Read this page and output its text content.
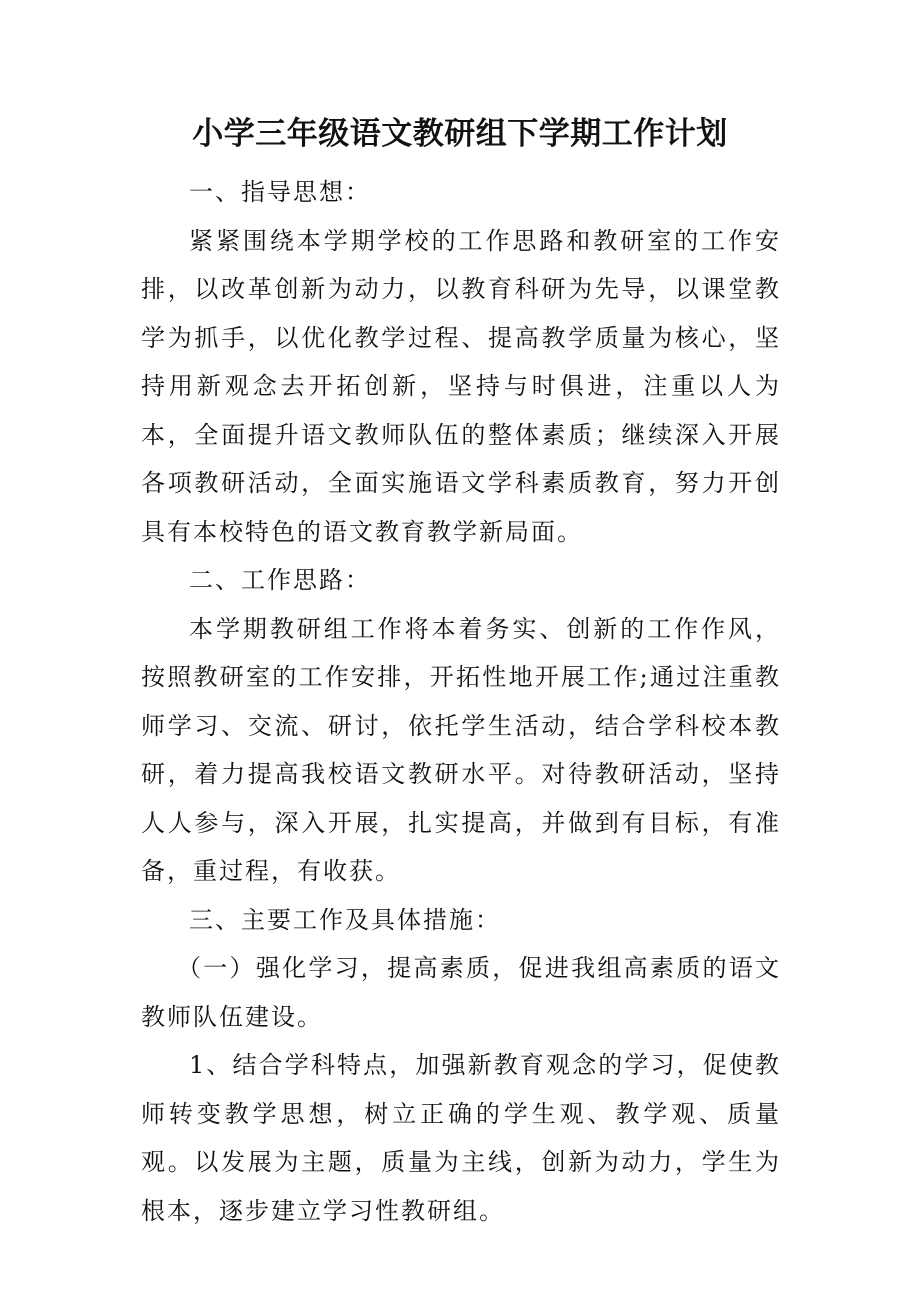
小学三年级语文教研组下学期工作计划

一、指导思想：

紧紧围绕本学期学校的工作思路和教研室的工作安排，以改革创新为动力，以教育科研为先导，以课堂教学为抓手，以优化教学过程、提高教学质量为核心，坚持用新观念去开拓创新，坚持与时俱进，注重以人为本，全面提升语文教师队伍的整体素质；继续深入开展各项教研活动，全面实施语文学科素质教育，努力开创具有本校特色的语文教育教学新局面。

二、工作思路：

本学期教研组工作将本着务实、创新的工作作风，按照教研室的工作安排，开拓性地开展工作;通过注重教师学习、交流、研讨，依托学生活动，结合学科校本教研，着力提高我校语文教研水平。对待教研活动，坚持人人参与，深入开展，扎实提高，并做到有目标，有准备，重过程，有收获。

三、主要工作及具体措施：

（一）强化学习，提高素质，促进我组高素质的语文教师队伍建设。

1、结合学科特点，加强新教育观念的学习，促使教师转变教学思想，树立正确的学生观、教学观、质量观。以发展为主题，质量为主线，创新为动力，学生为根本，逐步建立学习性教研组。
